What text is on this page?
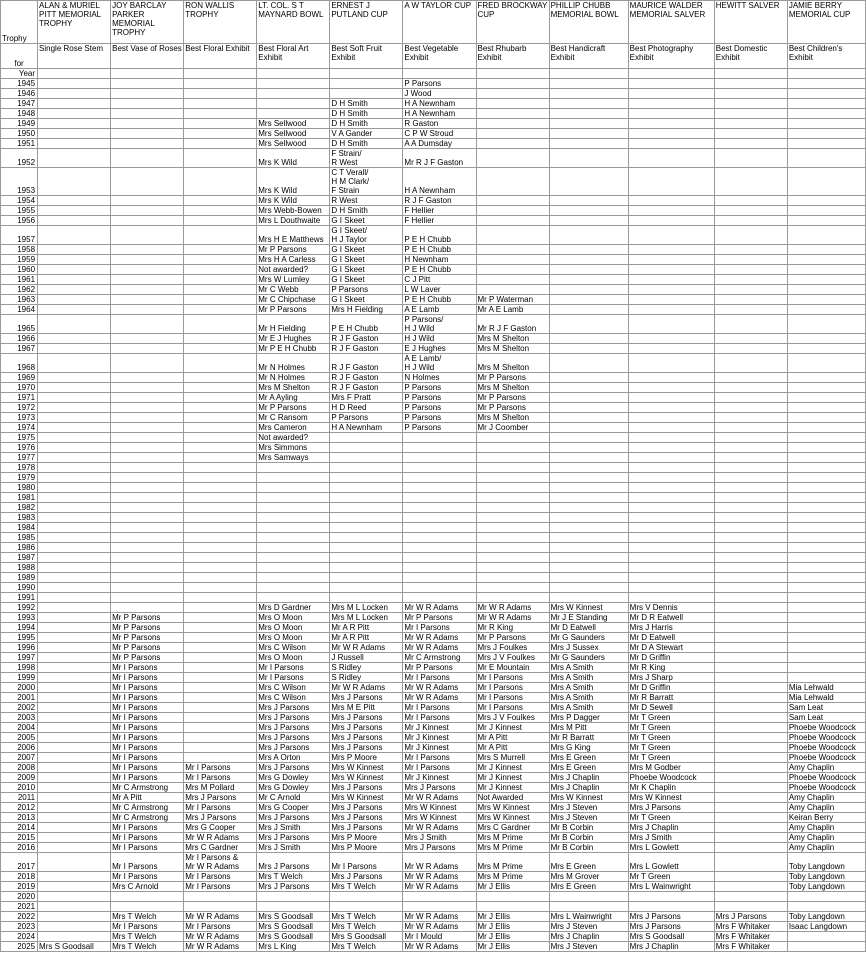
Trophy	ALAN & MURIEL PITT MEMORIAL TROPHY	JOY BARCLAY PARKER MEMORIAL TROPHY	RON WALLIS TROPHY	LT. COL. S T MAYNARD BOWL	ERNEST J PUTLAND CUP	A W TAYLOR CUP	FRED BROCKWAY CUP	PHILLIP CHUBB MEMORIAL BOWL	MAURICE WALDER MEMORIAL SALVER	HEWITT SALVER	JAMIE BERRY MEMORIAL CUP
for	Single Rose Stem	Best Vase of Roses	Best Floral Exhibit	Best Floral Art Exhibit	Best Soft Fruit Exhibit	Best Vegetable Exhibit	Best Rhubarb Exhibit	Best Handicraft Exhibit	Best Photography Exhibit	Best Domestic Exhibit	Best Children's Exhibit
Year											
1945						P Parsons					
1946						J Wood					
1947					D H Smith	H A Newnham					
1948					D H Smith	H A Newnham					
1949				Mrs Sellwood	D H Smith	R Gaston					
1950				Mrs Sellwood	V A Gander	C P W Stroud					
1951				Mrs Sellwood	D H Smith	A A Dumsday					
1952				Mrs K Wild	F Strain/
R West	Mr R J F Gaston					
1953				Mrs K Wild	C T Verall/
H M Clark/
F Strain	H A Newnham					
1954				Mrs K Wild	R West	R J F Gaston					
1955				Mrs Webb-Bowen	D H Smith	F Hellier					
1956				Mrs L Douthwaite	G I Skeet	F Hellier					
1957				Mrs H E Matthews	G I Skeet/
H J Taylor	P E H Chubb					
1958				Mr P Parsons	G I Skeet	P E H Chubb					
1959				Mrs H A Carless	G I Skeet	H Newnham					
1960				Not awarded?	G I Skeet	P E H Chubb					
1961				Mrs W Lumley	G I Skeet	C J Pitt					
1962				Mr C Webb	P Parsons	L W Laver					
1963				Mr C Chipchase	G I Skeet	P E H Chubb	Mr P Waterman				
1964				Mr P Parsons	Mrs H Fielding	A E Lamb	Mr A E Lamb				
1965				Mr H Fielding	P E H Chubb	P Parsons/
H J Wild	Mr R J F Gaston				
1966				Mr E J Hughes	R J F Gaston	H J Wild	Mrs M Shelton				
1967				Mr P E H Chubb	R J F Gaston	E J Hughes	Mrs M Shelton				
1968				Mr N Holmes	R J F Gaston	A E Lamb/
H J Wild	Mrs M Shelton				
1969				Mr N Holmes	R J F Gaston	N Holmes	Mr P Parsons				
1970				Mrs M Shelton	R J F Gaston	P Parsons	Mrs M Shelton				
1971				Mr A Ayling	Mrs F Pratt	P Parsons	Mr P Parsons				
1972				Mr P Parsons	H D Reed	P Parsons	Mr P Parsons				
1973				Mr C Ransom	P Parsons	P Parsons	Mrs M Shelton				
1974				Mrs Cameron	H A Newnham	P Parsons	Mr J Coomber				
1975				Not awarded?							
1976				Mrs Simmons							
1977				Mrs Samways							
1978											
1979											
1980											
1981											
1982											
1983											
1984											
1985											
1986											
1987											
1988											
1989											
1990											
1991											
1992				Mrs D Gardner	Mrs M L Locken	Mr W R Adams	Mr W R Adams	Mrs W Kinnest	Mrs V Dennis		
1993		Mr P Parsons		Mrs O Moon	Mrs M L Locken	Mr P Parsons	Mr W R Adams	Mr J E Standing	Mr D R Eatwell		
1994		Mr P Parsons		Mrs O Moon	Mr A R Pitt	Mr I Parsons	Mr R King	Mr D Eatwell	Mrs J Harris		
1995		Mr P Parsons		Mrs O Moon	Mr A R Pitt	Mr W R Adams	Mr P Parsons	Mr G Saunders	Mr D Eatwell		
1996		Mr P Parsons		Mrs C Wilson	Mr W R Adams	Mr W R Adams	Mrs J Foulkes	Mrs J Sussex	Mr D A Stewart		
1997		Mr P Parsons		Mrs O Moon	J Russell	Mr C Armstrong	Mrs J V Foulkes	Mr G Saunders	Mr D Griffin		
1998		Mr I Parsons		Mr I Parsons	S Ridley	Mr P Parsons	Mr E Mountain	Mrs A Smith	Mr R King		
1999		Mr I Parsons		Mr I Parsons	S Ridley	Mr I Parsons	Mr I Parsons	Mrs A Smith	Mrs J Sharp		
2000		Mr I Parsons		Mrs C Wilson	Mr W R Adams	Mr W R Adams	Mr I Parsons	Mrs A Smith	Mr D Griffin		Mia Lehwald
2001		Mr I Parsons		Mrs C Wilson	Mrs J Parsons	Mr W R Adams	Mr I Parsons	Mrs A Smith	Mr R Barratt		Mia Lehwald
2002		Mr I Parsons		Mrs J Parsons	Mrs M E Pitt	Mr I Parsons	Mr I Parsons	Mrs A Smith	Mr D Sewell		Sam Leat
2003		Mr I Parsons		Mrs J Parsons	Mrs J Parsons	Mr I Parsons	Mrs J V Foulkes	Mrs P Dagger	Mr T Green		Sam Leat
2004		Mr I Parsons		Mrs J Parsons	Mrs J Parsons	Mr J Kinnest	Mr J Kinnest	Mrs M Pitt	Mr T Green		Phoebe Woodcock
2005		Mr I Parsons		Mrs J Parsons	Mrs J Parsons	Mr J Kinnest	Mr A Pitt	Mr R Barratt	Mr T Green		Phoebe Woodcock
2006		Mr I Parsons		Mrs J Parsons	Mrs J Parsons	Mr J Kinnest	Mr A Pitt	Mrs G King	Mr T Green		Phoebe Woodcock
2007		Mr I Parsons		Mrs A Orton	Mrs P Moore	Mr I Parsons	Mrs S Murrell	Mrs E Green	Mr T Green		Phoebe Woodcock
2008		Mr I Parsons	Mr I Parsons	Mrs J Parsons	Mrs W Kinnest	Mr I Parsons	Mr J Kinnest	Mrs E Green	Mrs M Godber		Amy Chaplin
2009		Mr I Parsons	Mr I Parsons	Mrs G Dowley	Mrs W Kinnest	Mr J Kinnest	Mr J Kinnest	Mrs J Chaplin	Phoebe Woodcock		Phoebe Woodcock
2010		Mr C Armstrong	Mrs M Pollard	Mrs G Dowley	Mrs J Parsons	Mrs J Parsons	Mr J Kinnest	Mrs J Chaplin	Mr K Chaplin		Phoebe Woodcock
2011		Mr A Pitt	Mrs J Parsons	Mr C Arnold	Mrs W Kinnest	Mr W R Adams	Not Awarded	Mrs W Kinnest	Mrs W Kinnest		Amy Chaplin
2012		Mr C Armstrong	Mr I Parsons	Mrs G Cooper	Mrs J Parsons	Mrs W Kinnest	Mrs W Kinnest	Mrs J Steven	Mrs J Parsons		Amy Chaplin
2013		Mr C Armstrong	Mrs J Parsons	Mrs J Parsons	Mrs J Parsons	Mrs W Kinnest	Mrs W Kinnest	Mrs J Steven	Mr T Green		Keiran Berry
2014		Mr I Parsons	Mrs G Cooper	Mrs J Smith	Mrs J Parsons	Mr W R Adams	Mrs C Gardner	Mr B Corbin	Mrs J Chaplin		Amy Chaplin
2015		Mr I Parsons	Mr W R Adams	Mrs J Parsons	Mrs P Moore	Mrs J Smith	Mrs M Prime	Mr B Corbin	Mrs J Smith		Amy Chaplin
2016		Mr I Parsons	Mrs C Gardner	Mrs J Smith	Mrs P Moore	Mrs J Parsons	Mrs M Prime	Mr B Corbin	Mrs L Gowlett		Amy Chaplin
2017		Mr I Parsons	Mr I Parsons &
Mr W R Adams	Mrs J Parsons	Mr I Parsons	Mr W R Adams	Mrs M Prime	Mrs E Green	Mrs L Gowlett		Toby Langdown
2018		Mr I Parsons	Mr I Parsons	Mrs T Welch	Mrs J Parsons	Mr W R Adams	Mrs M Prime	Mrs M Grover	Mr T Green		Toby Langdown
2019		Mrs C Arnold	Mr I Parsons	Mrs J Parsons	Mrs T Welch	Mr W R Adams	Mr J Ellis	Mrs E Green	Mrs L Wainwright		Toby Langdown
2020											
2021											
2022		Mrs T Welch	Mr W R Adams	Mrs S Goodsall	Mrs T Welch	Mr W R Adams	Mr J Ellis	Mrs L Wainwright	Mrs J Parsons	Mrs J Parsons	Toby Langdown
2023		Mr I Parsons	Mr I Parsons	Mrs S Goodsall	Mrs T Welch	Mr W R Adams	Mr J Ellis	Mrs J Steven	Mrs J Parsons	Mrs F Whitaker	Isaac Langdown
2024		Mrs T Welch	Mr W R Adams	Mrs S Goodsall	Mrs S Goodsall	Mr I Mould	Mr J Ellis	Mrs J Chaplin	Mrs S Goodsall	Mrs F Whitaker	
2025	Mrs S Goodsall	Mrs T Welch	Mr W R Adams	Mrs L King	Mrs T Welch	Mr W R Adams	Mr J Ellis	Mrs J Steven	Mrs J Chaplin	Mrs F Whitaker	
